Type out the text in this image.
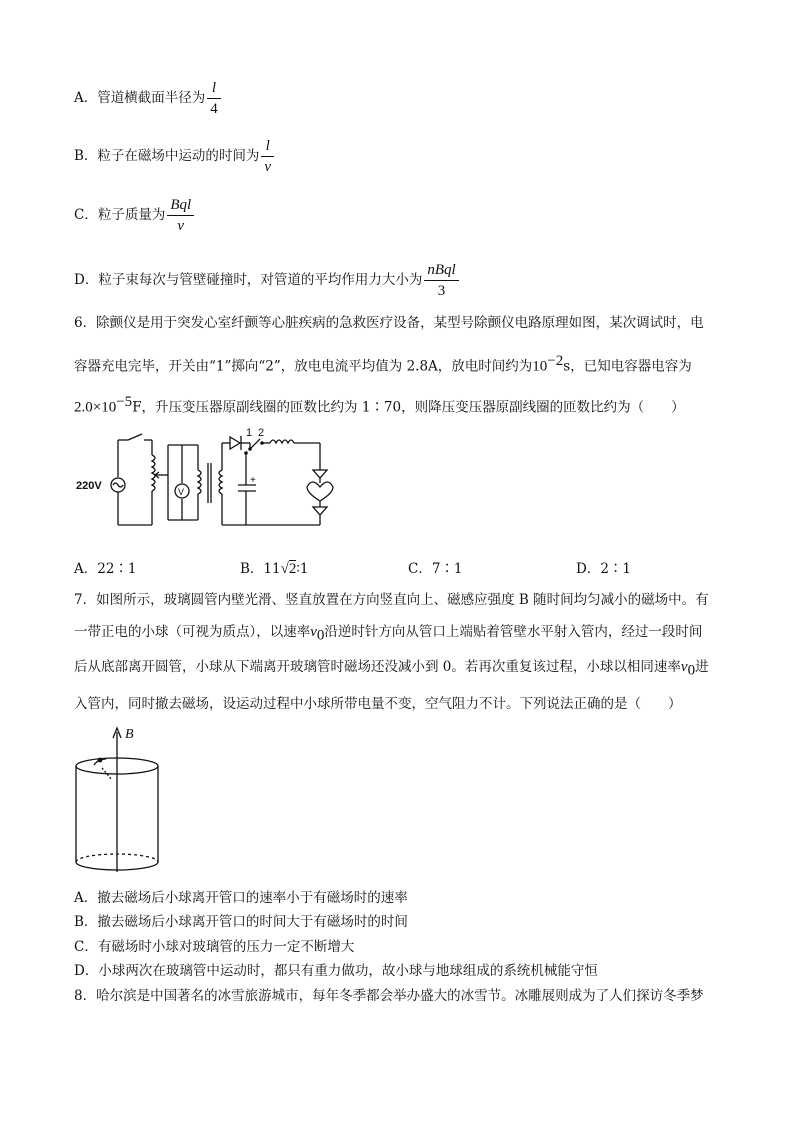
A．管道横截面半径为 $\frac{l}{4}$
B．粒子在磁场中运动的时间为 $\frac{l}{v}$
C．粒子质量为 $\frac{\text{Bql}}{v}$
D．粒子束每次与管壁碰撞时，对管道的平均作用力大小为 $\frac{\text{nBql}}{3}$
6．除颤仪是用于突发心室纤颤等心脏疾病的急救医疗设备，某型号除颤仪电路原理如图，某次调试时，电
容器充电完毕，开关由“1”掷向“2”，放电电流平均值为 2.8A，放电时间约为$10^{-2}s$，已知电容器电容为
$2.0\times 10^{-5}F$，升压变压器原副线圈的匝数比约为 1∶70，则降压变压器原副线圈的匝数比约为（　　）
220V
1 2
V
+
A．22∶1	B．11√2∶1	C．7∶1	D．2∶1
7．如图所示，玻璃圆管内壁光滑、竖直放置在方向竖直向上、磁感应强度 B 随时间均匀减小的磁场中。有
一带正电的小球（可视为质点），以速率$v_0$沿逆时针方向从管口上端贴着管壁水平射入管内，经过一段时间
后从底部离开圆管，小球从下端离开玻璃管时磁场还没减小到 0。若再次重复该过程，小球以相同速率$v_0$进
入管内，同时撤去磁场，设运动过程中小球所带电量不变，空气阻力不计。下列说法正确的是（　　）
B
A．撤去磁场后小球离开管口的速率小于有磁场时的速率
B．撤去磁场后小球离开管口的时间大于有磁场时的时间
C．有磁场时小球对玻璃管的压力一定不断增大
D．小球两次在玻璃管中运动时，都只有重力做功，故小球与地球组成的系统机械能守恒
8．哈尔滨是中国著名的冰雪旅游城市，每年冬季都会举办盛大的冰雪节。冰雕展则成为了人们探访冬季梦
